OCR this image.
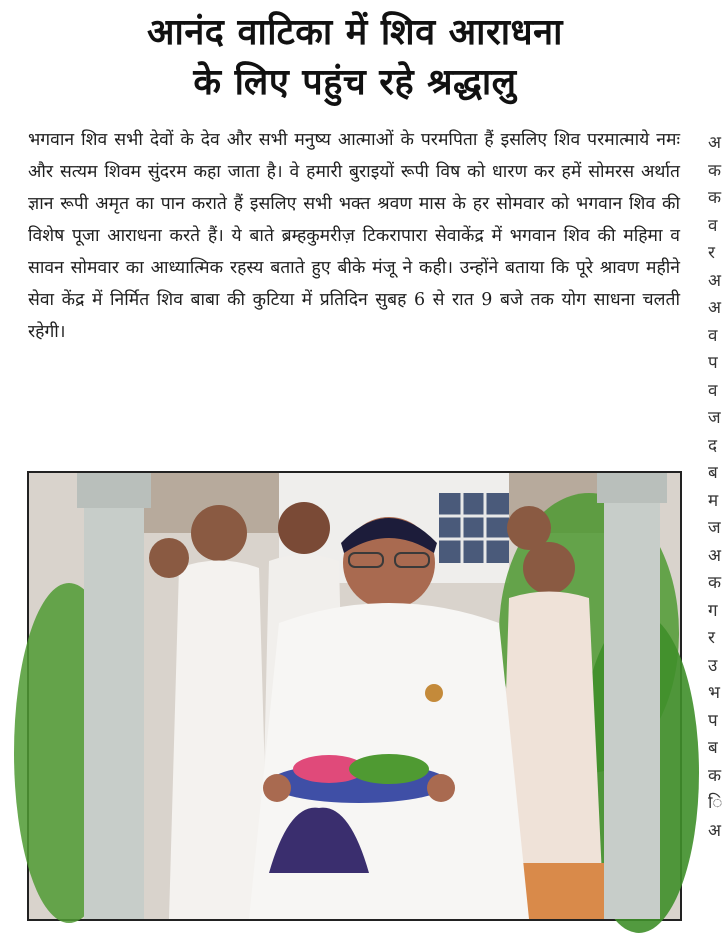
आनंद वाटिका में शिव आराधना
के लिए पहुंच रहे श्रद्धालु
भगवान शिव सभी देवों के देव और सभी मनुष्य आत्माओं के परमपिता हैं इसलिए शिव परमात्माये नमः और सत्यम शिवम सुंदरम कहा जाता है। वे हमारी बुराइयों रूपी विष को धारण कर हमें सोमरस अर्थात ज्ञान रूपी अमृत का पान कराते हैं इसलिए सभी भक्त श्रवण मास के हर सोमवार को भगवान शिव की विशेष पूजा आराधना करते हैं। ये बाते ब्रम्हकुमरीज़ टिकरापारा सेवाकेंद्र में भगवान शिव की महिमा व सावन सोमवार का आध्यात्मिक रहस्य बताते हुए बीके मंजू ने कही। उन्होंने बताया कि पूरे श्रावण महीने सेवा केंद्र में निर्मित शिव बाबा की कुटिया में प्रतिदिन सुबह 6 से रात 9 बजे तक योग साधना चलती रहेगी।
अ
क
क
व
र
अ
अ
व
प
व
ज
द
ब
म
ज
अ
क
ग
र
उ
भ
प
ब
क
ि
अ
